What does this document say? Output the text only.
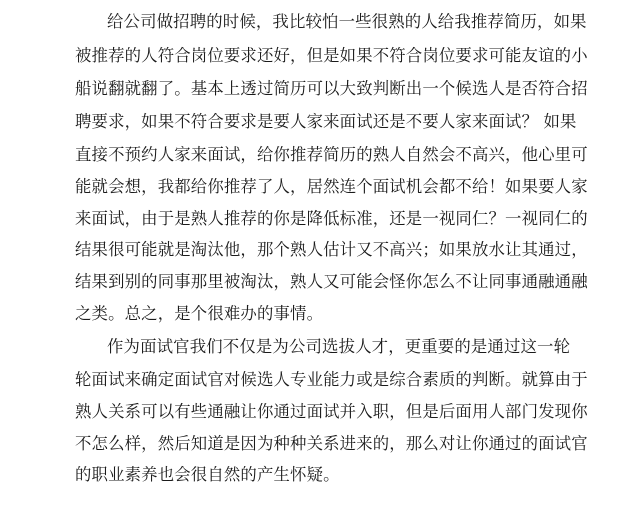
给公司做招聘的时候，我比较怕一些很熟的人给我推荐简历，如果
被推荐的人符合岗位要求还好，但是如果不符合岗位要求可能友谊的小
船说翻就翻了。基本上透过简历可以大致判断出一个候选人是否符合招
聘要求，如果不符合要求是要人家来面试还是不要人家来面试？ 如果
直接不预约人家来面试，给你推荐简历的熟人自然会不高兴，他心里可
能就会想，我都给你推荐了人，居然连个面试机会都不给！如果要人家
来面试，由于是熟人推荐的你是降低标准，还是一视同仁？一视同仁的
结果很可能就是淘汰他，那个熟人估计又不高兴；如果放水让其通过，
结果到别的同事那里被淘汰，熟人又可能会怪你怎么不让同事通融通融
之类。总之，是个很难办的事情。
作为面试官我们不仅是为公司选拔人才，更重要的是通过这一轮
轮面试来确定面试官对候选人专业能力或是综合素质的判断。就算由于
熟人关系可以有些通融让你通过面试并入职，但是后面用人部门发现你
不怎么样，然后知道是因为种种关系进来的，那么对让你通过的面试官
的职业素养也会很自然的产生怀疑。
